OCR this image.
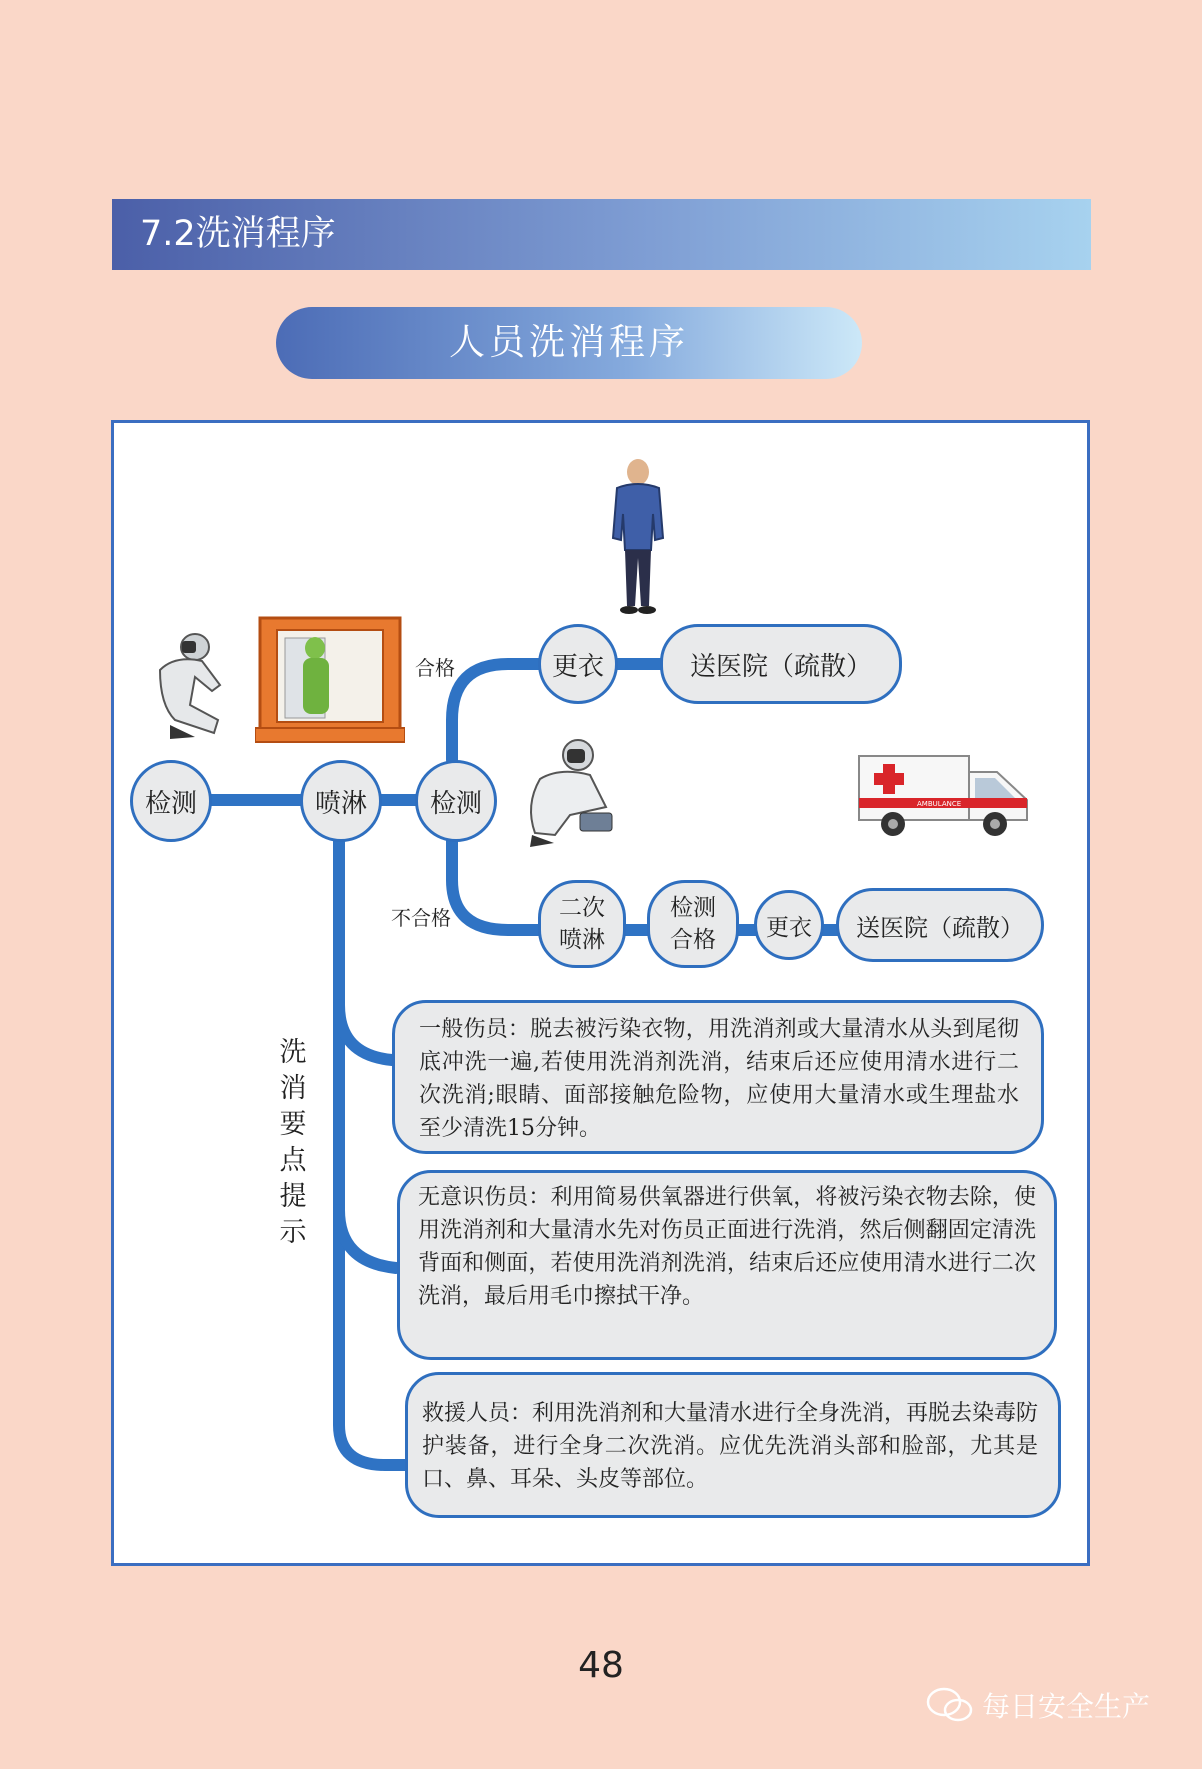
7.2洗消程序
人员洗消程序
AMBULANCE
检测	喷淋 检测
合格
不合格
更衣	送医院（疏散）
二次
喷淋
检测
合格 更衣 送医院（疏散）
洗
消
要
点
提
示
一般伤员：脱去被污染衣物，用洗消剂或大量清水从头到尾彻底冲洗一遍,若使用洗消剂洗消，结束后还应使用清水进行二次洗消;眼睛、面部接触危险物，应使用大量清水或生理盐水至少清洗15分钟。
无意识伤员：利用简易供氧器进行供氧，将被污染衣物去除，使用洗消剂和大量清水先对伤员正面进行洗消，然后侧翻固定清洗背面和侧面，若使用洗消剂洗消，结束后还应使用清水进行二次洗消，最后用毛巾擦拭干净。
救援人员：利用洗消剂和大量清水进行全身洗消，再脱去染毒防护装备，进行全身二次洗消。应优先洗消头部和脸部，尤其是口、鼻、耳朵、头皮等部位。
48
每日安全生产
